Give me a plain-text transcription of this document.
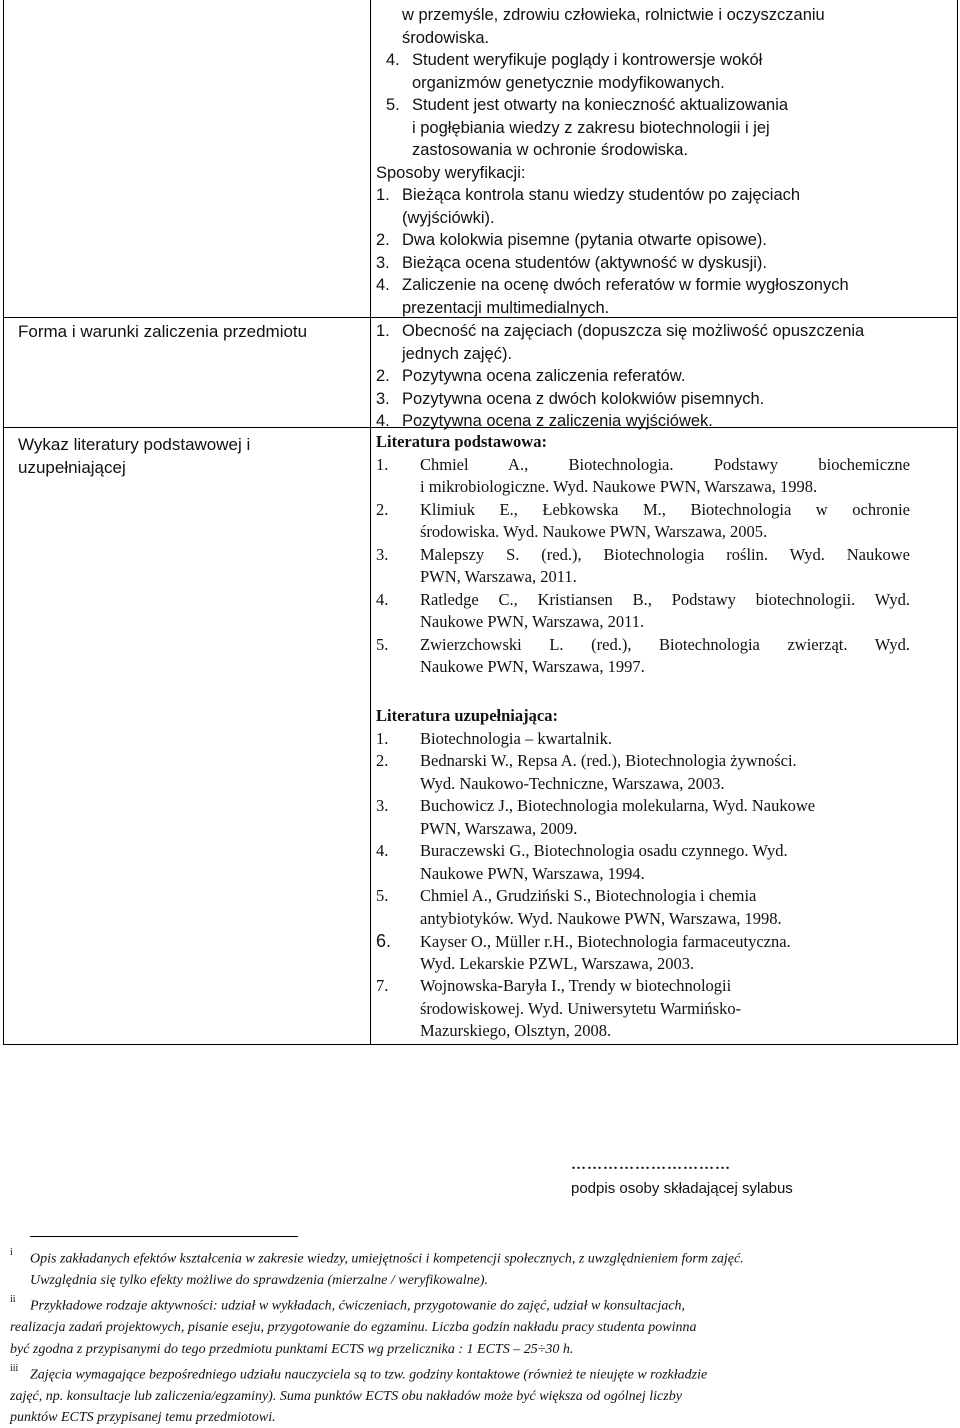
Forma i warunki zaliczenia przedmiotu
Wykaz literatury podstawowej i uzupełniającej
w przemyśle, zdrowiu człowieka, rolnictwie i oczyszczaniu
środowiska.
4. Student weryfikuje poglądy i kontrowersje wokół
organizmów genetycznie modyfikowanych.
5. Student jest otwarty na konieczność aktualizowania
i pogłębiania wiedzy z zakresu biotechnologii i jej
zastosowania w ochronie środowiska.
Sposoby weryfikacji:
1. Bieżąca kontrola stanu wiedzy studentów po zajęciach
(wyjściówki).
2. Dwa kolokwia pisemne (pytania otwarte opisowe).
3. Bieżąca ocena studentów (aktywność w dyskusji).
4. Zaliczenie na ocenę dwóch referatów w formie wygłoszonych
prezentacji multimedialnych.
1. Obecność na zajęciach (dopuszcza się możliwość opuszczenia
jednych zajęć).
2. Pozytywna ocena zaliczenia referatów.
3. Pozytywna ocena z dwóch kolokwiów pisemnych.
4. Pozytywna ocena z zaliczenia wyjściówek.
Literatura podstawowa:
1. Chmiel A., Biotechnologia. Podstawy biochemiczne
i mikrobiologiczne. Wyd. Naukowe PWN, Warszawa, 1998.
2. Klimiuk E., Łebkowska M., Biotechnologia w ochronie
środowiska. Wyd. Naukowe PWN, Warszawa, 2005.
3. Malepszy S. (red.), Biotechnologia roślin. Wyd. Naukowe
PWN, Warszawa, 2011.
4. Ratledge C., Kristiansen B., Podstawy biotechnologii. Wyd.
Naukowe PWN, Warszawa, 2011.
5. Zwierzchowski L. (red.), Biotechnologia zwierząt. Wyd.
Naukowe PWN, Warszawa, 1997.
Literatura uzupełniająca:
1. Biotechnologia – kwartalnik.
2. Bednarski W., Repsa A. (red.), Biotechnologia żywności.
Wyd. Naukowo-Techniczne, Warszawa, 2003.
3. Buchowicz J., Biotechnologia molekularna, Wyd. Naukowe
PWN, Warszawa, 2009.
4. Buraczewski G., Biotechnologia osadu czynnego. Wyd.
Naukowe PWN, Warszawa, 1994.
5. Chmiel A., Grudziński S., Biotechnologia i chemia
antybiotyków. Wyd. Naukowe PWN, Warszawa, 1998.
6. Kayser O., Müller r.H., Biotechnologia farmaceutyczna.
Wyd. Lekarskie PZWL, Warszawa, 2003.
7. Wojnowska-Baryła I., Trendy w biotechnologii
środowiskowej. Wyd. Uniwersytetu Warmińsko-
Mazurskiego, Olsztyn, 2008.
…………………………
podpis osoby składającej sylabus
$^i$ Opis zakładanych efektów kształcenia w zakresie wiedzy, umiejętności i kompetencji społecznych, z uwzględnieniem form zajęć.
Uwzględnia się tylko efekty możliwe do sprawdzenia (mierzalne / weryfikowalne).
$^{ii}$ Przykładowe rodzaje aktywności: udział w wykładach, ćwiczeniach, przygotowanie do zajęć, udział w konsultacjach,
realizacja zadań projektowych, pisanie eseju, przygotowanie do egzaminu. Liczba godzin nakładu pracy studenta powinna
być zgodna z przypisanymi do tego przedmiotu punktami ECTS wg przelicznika : 1 ECTS – 25÷30 h.
$^{iii}$ Zajęcia wymagające bezpośredniego udziału nauczyciela są to tzw. godziny kontaktowe (również te nieujęte w rozkładzie
zajęć, np. konsultacje lub zaliczenia/egzaminy). Suma punktów ECTS obu nakładów może być większa od ogólnej liczby
punktów ECTS przypisanej temu przedmiotowi.
